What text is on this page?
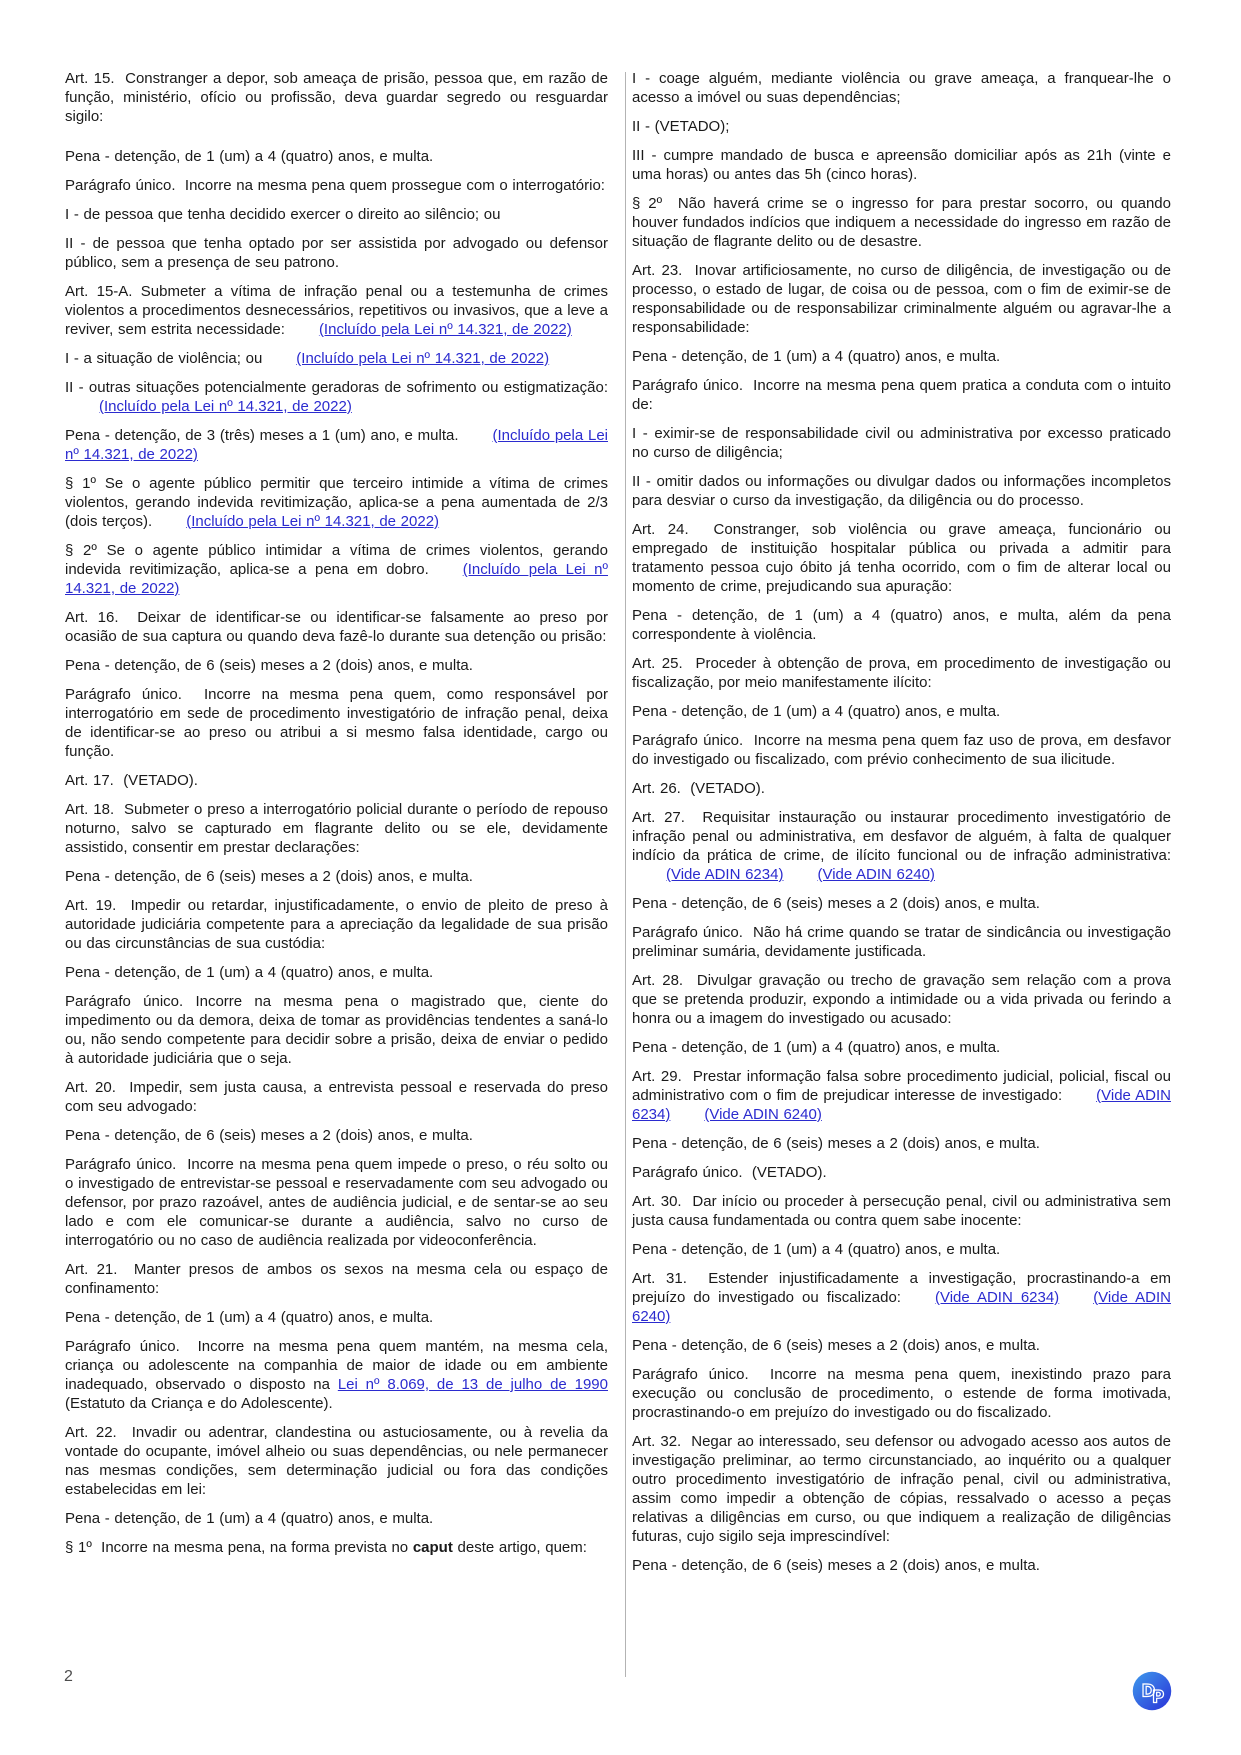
Art. 15.  Constranger a depor, sob ameaça de prisão, pessoa que, em razão de função, ministério, ofício ou profissão, deva guardar segredo ou resguardar sigilo:

Pena - detenção, de 1 (um) a 4 (quatro) anos, e multa.

Parágrafo único.  Incorre na mesma pena quem prossegue com o interrogatório:

I - de pessoa que tenha decidido exercer o direito ao silêncio; ou

II - de pessoa que tenha optado por ser assistida por advogado ou defensor público, sem a presença de seu patrono.

Art. 15-A. Submeter a vítima de infração penal ou a testemunha de crimes violentos a procedimentos desnecessários, repetitivos ou invasivos, que a leve a reviver, sem estrita necessidade: (Incluído pela Lei nº 14.321, de 2022)

I - a situação de violência; ou (Incluído pela Lei nº 14.321, de 2022)

II - outras situações potencialmente geradoras de sofrimento ou estigmatização:(Incluído pela Lei nº 14.321, de 2022)

Pena - detenção, de 3 (três) meses a 1 (um) ano, e multa. (Incluído pela Lei nº 14.321, de 2022)

§ 1º Se o agente público permitir que terceiro intimide a vítima de crimes violentos, gerando indevida revitimização, aplica-se a pena aumentada de 2/3 (dois terços). (Incluído pela Lei nº 14.321, de 2022)

§ 2º Se o agente público intimidar a vítima de crimes violentos, gerando indevida revitimização, aplica-se a pena em dobro. (Incluído pela Lei nº 14.321, de 2022)

Art. 16.  Deixar de identificar-se ou identificar-se falsamente ao preso por ocasião de sua captura ou quando deva fazê-lo durante sua detenção ou prisão:

Pena - detenção, de 6 (seis) meses a 2 (dois) anos, e multa.

Parágrafo único.  Incorre na mesma pena quem, como responsável por interrogatório em sede de procedimento investigatório de infração penal, deixa de identificar-se ao preso ou atribui a si mesmo falsa identidade, cargo ou função.

Art. 17.  (VETADO).

Art. 18.  Submeter o preso a interrogatório policial durante o período de repouso noturno, salvo se capturado em flagrante delito ou se ele, devidamente assistido, consentir em prestar declarações:

Pena - detenção, de 6 (seis) meses a 2 (dois) anos, e multa.

Art. 19.  Impedir ou retardar, injustificadamente, o envio de pleito de preso à autoridade judiciária competente para a apreciação da legalidade de sua prisão ou das circunstâncias de sua custódia:

Pena - detenção, de 1 (um) a 4 (quatro) anos, e multa.

Parágrafo único. Incorre na mesma pena o magistrado que, ciente do impedimento ou da demora, deixa de tomar as providências tendentes a saná-lo ou, não sendo competente para decidir sobre a prisão, deixa de enviar o pedido à autoridade judiciária que o seja.

Art. 20.  Impedir, sem justa causa, a entrevista pessoal e reservada do preso com seu advogado:

Pena - detenção, de 6 (seis) meses a 2 (dois) anos, e multa.

Parágrafo único.  Incorre na mesma pena quem impede o preso, o réu solto ou o investigado de entrevistar-se pessoal e reservadamente com seu advogado ou defensor, por prazo razoável, antes de audiência judicial, e de sentar-se ao seu lado e com ele comunicar-se durante a audiência, salvo no curso de interrogatório ou no caso de audiência realizada por videoconferência.

Art. 21.  Manter presos de ambos os sexos na mesma cela ou espaço de confinamento:

Pena - detenção, de 1 (um) a 4 (quatro) anos, e multa.

Parágrafo único.  Incorre na mesma pena quem mantém, na mesma cela, criança ou adolescente na companhia de maior de idade ou em ambiente inadequado, observado o disposto na Lei nº 8.069, de 13 de julho de 1990 (Estatuto da Criança e do Adolescente).

Art. 22.  Invadir ou adentrar, clandestina ou astuciosamente, ou à revelia da vontade do ocupante, imóvel alheio ou suas dependências, ou nele permanecer nas mesmas condições, sem determinação judicial ou fora das condições estabelecidas em lei:

Pena - detenção, de 1 (um) a 4 (quatro) anos, e multa.

§ 1º  Incorre na mesma pena, na forma prevista no caput deste artigo, quem:

I - coage alguém, mediante violência ou grave ameaça, a franquear-lhe o acesso a imóvel ou suas dependências;

II - (VETADO);

III - cumpre mandado de busca e apreensão domiciliar após as 21h (vinte e uma horas) ou antes das 5h (cinco horas).

§ 2º  Não haverá crime se o ingresso for para prestar socorro, ou quando houver fundados indícios que indiquem a necessidade do ingresso em razão de situação de flagrante delito ou de desastre.

Art. 23.  Inovar artificiosamente, no curso de diligência, de investigação ou de processo, o estado de lugar, de coisa ou de pessoa, com o fim de eximir-se de responsabilidade ou de responsabilizar criminalmente alguém ou agravar-lhe a responsabilidade:

Pena - detenção, de 1 (um) a 4 (quatro) anos, e multa.

Parágrafo único.  Incorre na mesma pena quem pratica a conduta com o intuito de:

I - eximir-se de responsabilidade civil ou administrativa por excesso praticado no curso de diligência;

II - omitir dados ou informações ou divulgar dados ou informações incompletos para desviar o curso da investigação, da diligência ou do processo.

Art. 24.  Constranger, sob violência ou grave ameaça, funcionário ou empregado de instituição hospitalar pública ou privada a admitir para tratamento pessoa cujo óbito já tenha ocorrido, com o fim de alterar local ou momento de crime, prejudicando sua apuração:

Pena - detenção, de 1 (um) a 4 (quatro) anos, e multa, além da pena correspondente à violência.

Art. 25.  Proceder à obtenção de prova, em procedimento de investigação ou fiscalização, por meio manifestamente ilícito:

Pena - detenção, de 1 (um) a 4 (quatro) anos, e multa.

Parágrafo único.  Incorre na mesma pena quem faz uso de prova, em desfavor do investigado ou fiscalizado, com prévio conhecimento de sua ilicitude.

Art. 26.  (VETADO).

Art. 27.  Requisitar instauração ou instaurar procedimento investigatório de infração penal ou administrativa, em desfavor de alguém, à falta de qualquer indício da prática de crime, de ilícito funcional ou de infração administrativa:(Vide ADIN 6234) (Vide ADIN 6240)

Pena - detenção, de 6 (seis) meses a 2 (dois) anos, e multa.

Parágrafo único.  Não há crime quando se tratar de sindicância ou investigação preliminar sumária, devidamente justificada.

Art. 28.  Divulgar gravação ou trecho de gravação sem relação com a prova que se pretenda produzir, expondo a intimidade ou a vida privada ou ferindo a honra ou a imagem do investigado ou acusado:

Pena - detenção, de 1 (um) a 4 (quatro) anos, e multa.

Art. 29.  Prestar informação falsa sobre procedimento judicial, policial, fiscal ou administrativo com o fim de prejudicar interesse de investigado: (Vide ADIN 6234) (Vide ADIN 6240)

Pena - detenção, de 6 (seis) meses a 2 (dois) anos, e multa.

Parágrafo único.  (VETADO).

Art. 30.  Dar início ou proceder à persecução penal, civil ou administrativa sem justa causa fundamentada ou contra quem sabe inocente:

Pena - detenção, de 1 (um) a 4 (quatro) anos, e multa.

Art. 31.  Estender injustificadamente a investigação, procrastinando-a em prejuízo do investigado ou fiscalizado: (Vide ADIN 6234) (Vide ADIN 6240)

Pena - detenção, de 6 (seis) meses a 2 (dois) anos, e multa.

Parágrafo único.  Incorre na mesma pena quem, inexistindo prazo para execução ou conclusão de procedimento, o estende de forma imotivada, procrastinando-o em prejuízo do investigado ou do fiscalizado.

Art. 32.  Negar ao interessado, seu defensor ou advogado acesso aos autos de investigação preliminar, ao termo circunstanciado, ao inquérito ou a qualquer outro procedimento investigatório de infração penal, civil ou administrativa, assim como impedir a obtenção de cópias, ressalvado o acesso a peças relativas a diligências em curso, ou que indiquem a realização de diligências futuras, cujo sigilo seja imprescindível:

Pena - detenção, de 6 (seis) meses a 2 (dois) anos, e multa.

2
D
P
